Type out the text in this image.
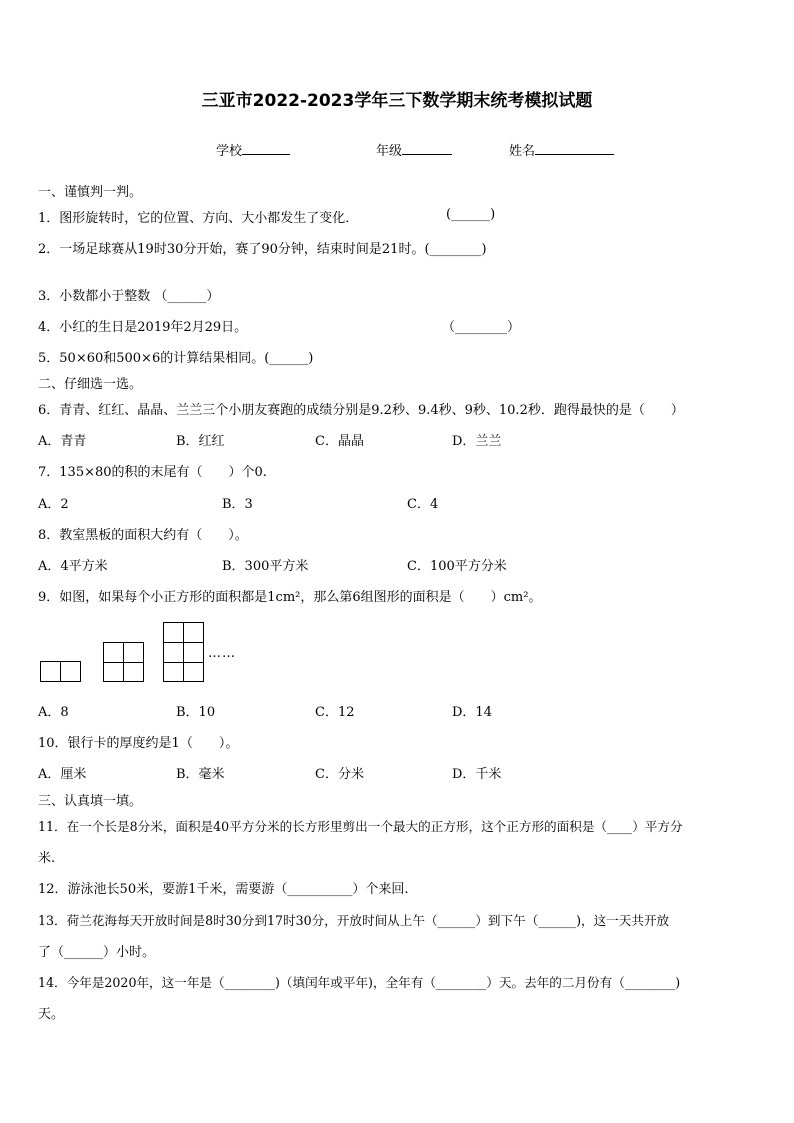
三亚市2022-2023学年三下数学期末统考模拟试题
学校	年级	姓名
一、谨慎判一判。
1．图形旋转时，它的位置、方向、大小都发生了变化．	(______)
2．一场足球赛从19时30分开始，赛了90分钟，结束时间是21时。(________)
3．小数都小于整数 （______）
4．小红的生日是2019年2月29日。	（________）
5．50×60和500×6的计算结果相同。(______)
二、仔细选一选。
6．青青、红红、晶晶、兰兰三个小朋友赛跑的成绩分别是9.2秒、9.4秒、9秒、10.2秒．跑得最快的是（　　）
A．青青	B．红红	C．晶晶	D．兰兰
7．135×80的积的末尾有（　　）个0.
A．2	B．3	C．4
8．教室黑板的面积大约有（　　）。
A．4平方米	B．300平方米	C．100平方分米
9．如图，如果每个小正方形的面积都是1cm²，那么第6组图形的面积是（　　）cm²。
……
A．8	B．10	C．12	D．14
10．银行卡的厚度约是1（　　）。
A．厘米	B．毫米	C．分米	D．千米
三、认真填一填。
11．在一个长是8分米，面积是40平方分米的长方形里剪出一个最大的正方形，这个正方形的面积是（____）平方分
米.
12．游泳池长50米，要游1千米，需要游（__________）个来回.
13．荷兰花海每天开放时间是8时30分到17时30分，开放时间从上午（______）到下午（______)，这一天共开放
了（______）小时。
14．今年是2020年，这一年是（________)（填闰年或平年)，全年有（________）天。去年的二月份有（________)
天。
